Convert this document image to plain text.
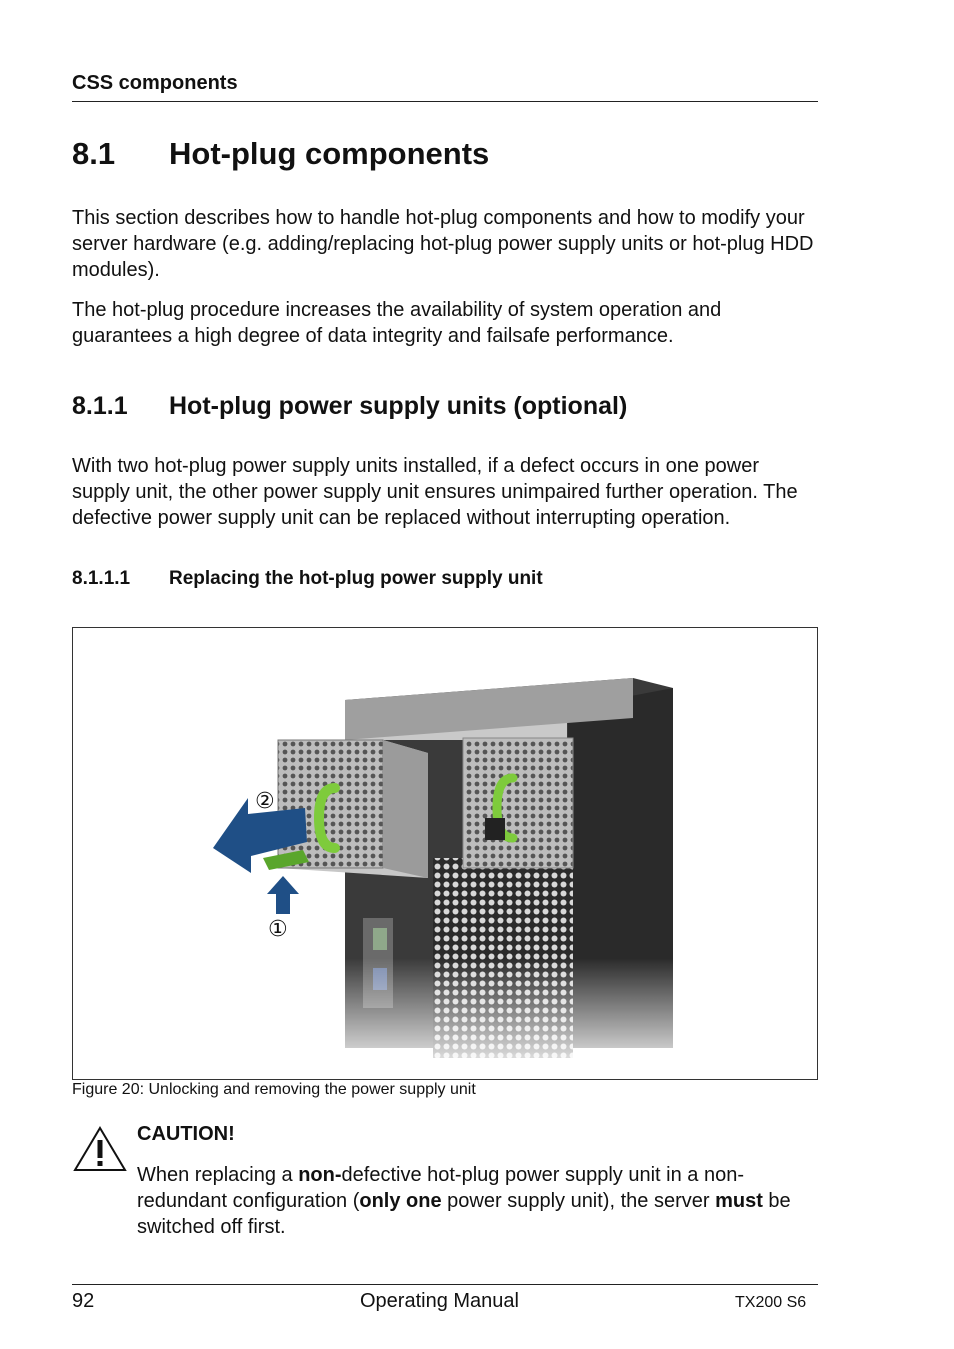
CSS components
8.1 Hot-plug components
This section describes how to handle hot-plug components and how to modify your server hardware (e.g. adding/replacing hot-plug power supply units or hot-plug HDD modules).
The hot-plug procedure increases the availability of system operation and guarantees a high degree of data integrity and failsafe performance.
8.1.1 Hot-plug power supply units (optional)
With two hot-plug power supply units installed, if a defect occurs in one power supply unit, the other power supply unit ensures unimpaired further operation. The defective power supply unit can be replaced without interrupting operation.
8.1.1.1 Replacing the hot-plug power supply unit
②
①
Figure 20: Unlocking and removing the power supply unit
CAUTION!
When replacing a non-defective hot-plug power supply unit in a non-redundant configuration (only one power supply unit), the server must be switched off first.
92	Operating Manual	TX200 S6
